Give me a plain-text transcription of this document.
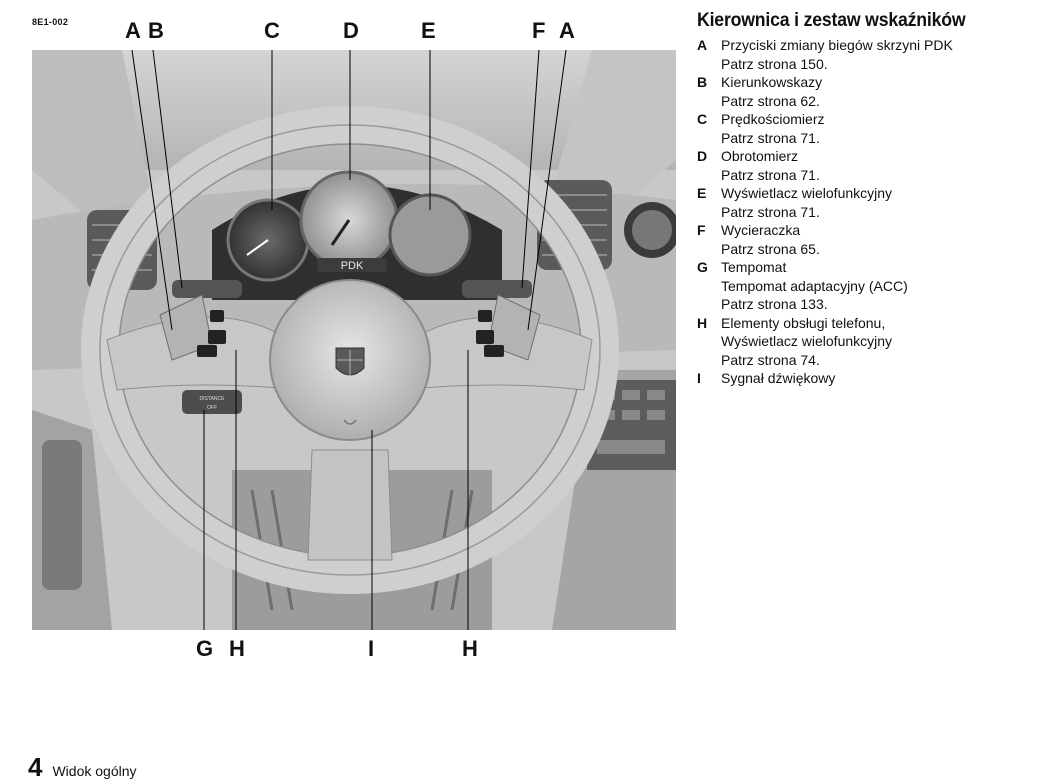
8E1-002	A B	C	D	E	F A
PDK
DISTANCE
OFF
G H	I	H
Kierownica i zestaw wskaźników
A Przyciski zmiany biegów skrzyni PDK
Patrz strona 150.
B Kierunkowskazy
Patrz strona 62.
C Prędkościomierz
Patrz strona 71.
D Obrotomierz
Patrz strona 71.
E	Wyświetlacz wielofunkcyjny
Patrz strona 71.
F	Wycieraczka
Patrz strona 65.
G Tempomat
Tempomat adaptacyjny (ACC)
Patrz strona 133.
H Elementy obsługi telefonu,
Wyświetlacz wielofunkcyjny
Patrz strona 74.
I	Sygnał dźwiękowy
4 Widok ogólny
